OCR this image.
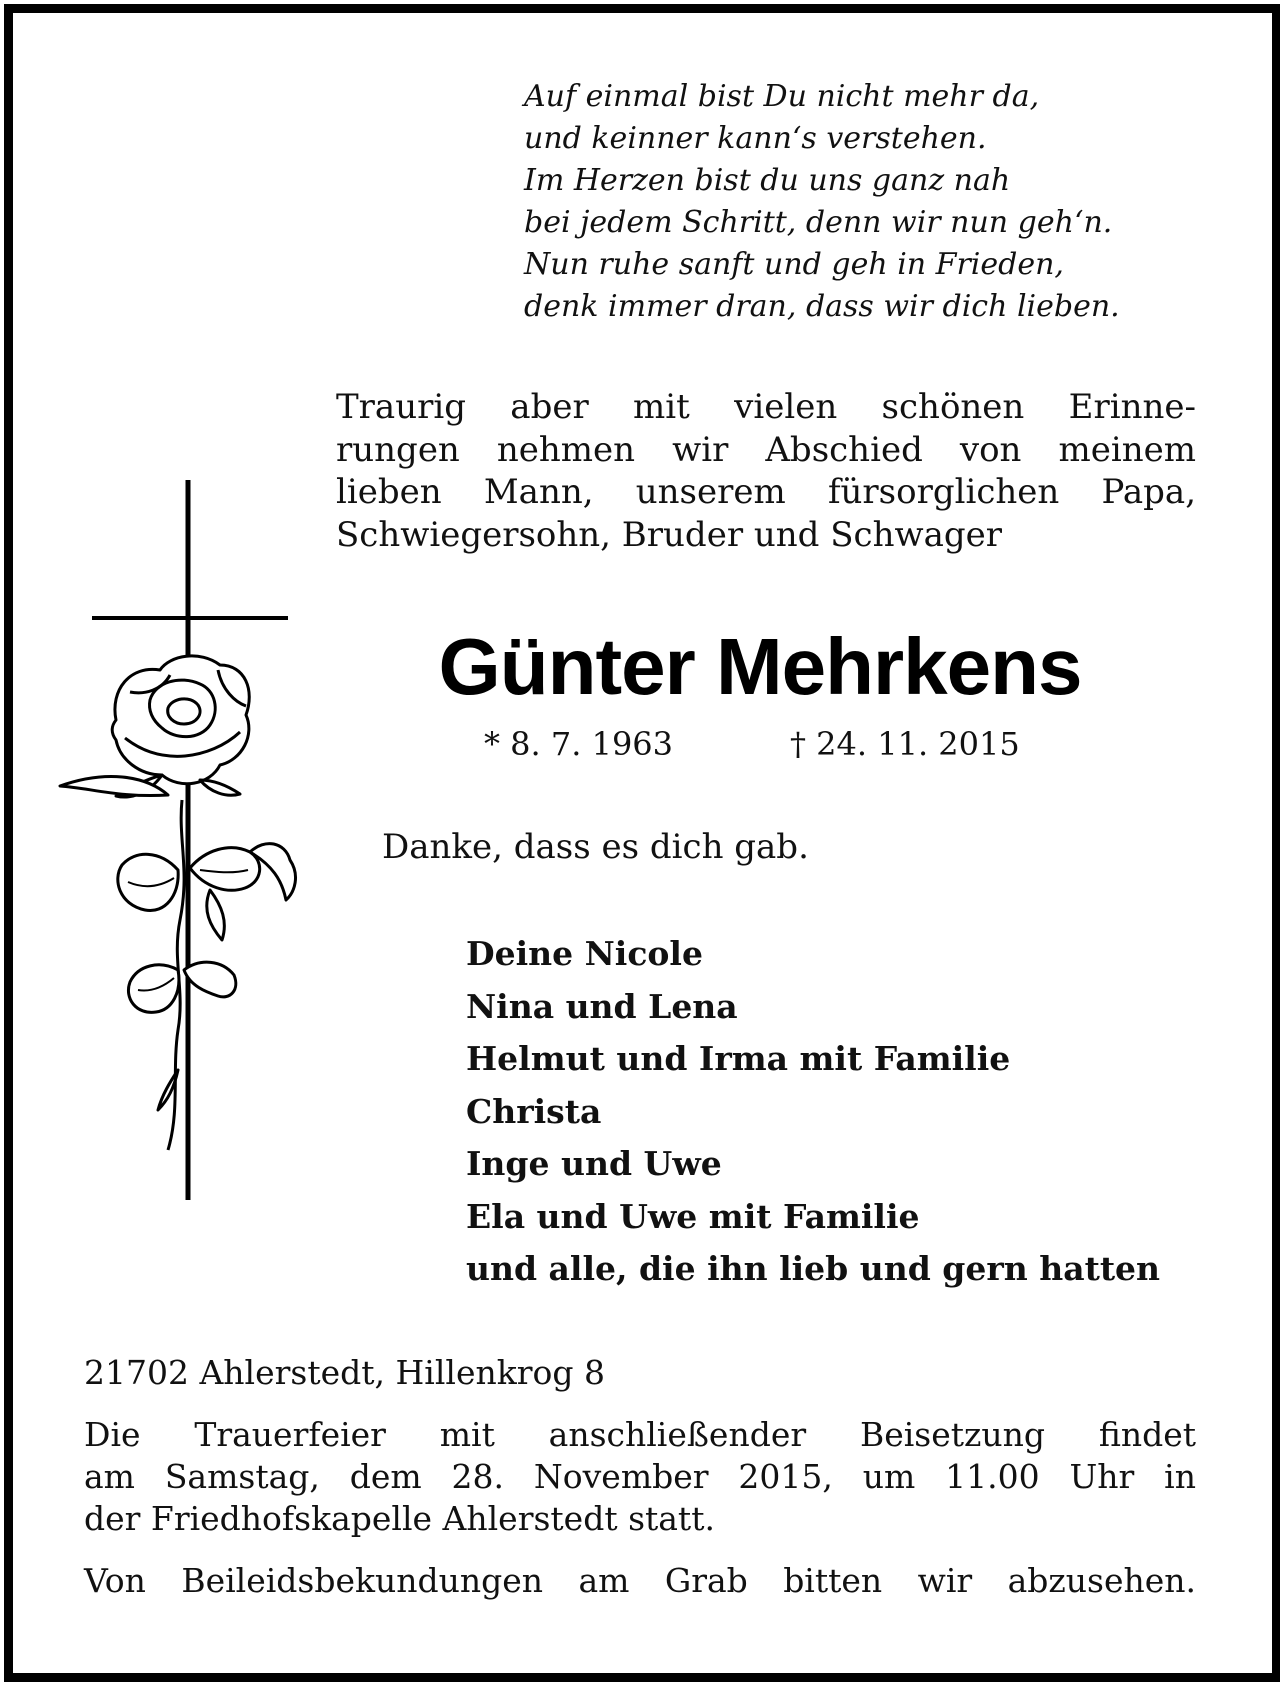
Auf einmal bist Du nicht mehr da,
und keinner kann‘s verstehen.
Im Herzen bist du uns ganz nah
bei jedem Schritt, denn wir nun geh‘n.
Nun ruhe sanft und geh in Frieden,
denk immer dran, dass wir dich lieben.
Traurig aber mit vielen schönen Erinne-
rungen nehmen wir Abschied von meinem
lieben Mann, unserem fürsorglichen Papa,
Schwiegersohn, Bruder und Schwager
Günter Mehrkens
* 8. 7. 1963	† 24. 11. 2015
Danke, dass es dich gab.
Deine Nicole
Nina und Lena
Helmut und Irma mit Familie
Christa
Inge und Uwe
Ela und Uwe mit Familie
und alle, die ihn lieb und gern hatten
21702 Ahlerstedt, Hillenkrog 8
Die Trauerfeier mit anschließender Beisetzung findet
am Samstag, dem 28. November 2015, um 11.00 Uhr in
der Friedhofskapelle Ahlerstedt statt.
Von Beileidsbekundungen am Grab bitten wir abzusehen.
